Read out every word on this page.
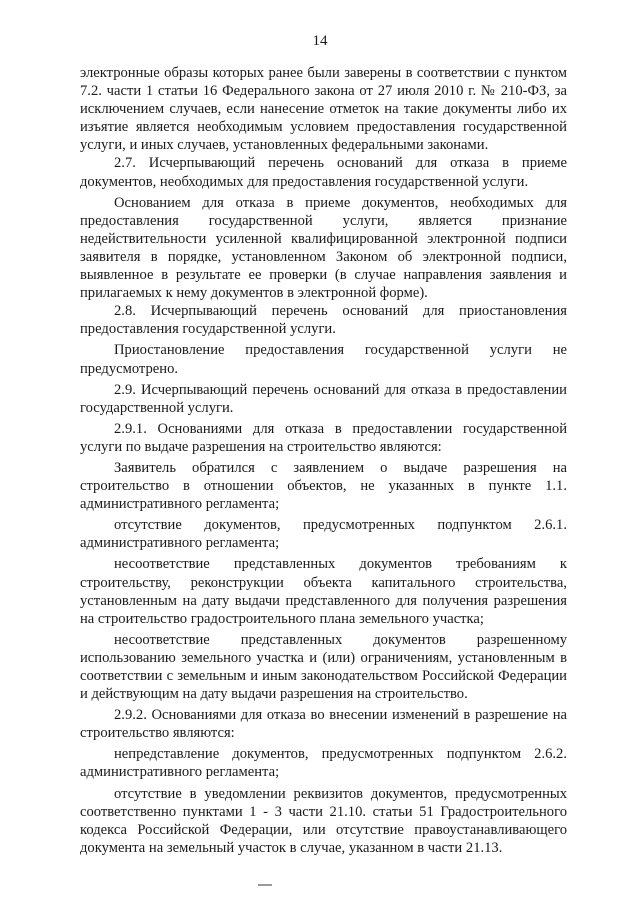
14

электронные образы которых ранее были заверены в соответствии с пунктом 7.2. части 1 статьи 16 Федерального закона от 27 июля 2010 г. № 210-ФЗ, за исключением случаев, если нанесение отметок на такие документы либо их изъятие является необходимым условием предоставления государственной услуги, и иных случаев, установленных федеральными законами.

2.7. Исчерпывающий перечень оснований для отказа в приеме документов, необходимых для предоставления государственной услуги.

Основанием для отказа в приеме документов, необходимых для предоставления государственной услуги, является признание недействительности усиленной квалифицированной электронной подписи заявителя в порядке, установленном Законом об электронной подписи, выявленное в результате ее проверки (в случае направления заявления и прилагаемых к нему документов в электронной форме).

2.8. Исчерпывающий перечень оснований для приостановления предоставления государственной услуги.

Приостановление предоставления государственной услуги не предусмотрено.

2.9. Исчерпывающий перечень оснований для отказа в предоставлении государственной услуги.

2.9.1. Основаниями для отказа в предоставлении государственной услуги по выдаче разрешения на строительство являются:

Заявитель обратился с заявлением о выдаче разрешения на строительство в отношении объектов, не указанных в пункте 1.1. административного регламента;

отсутствие документов, предусмотренных подпунктом 2.6.1. административного регламента;

несоответствие представленных документов требованиям к строительству, реконструкции объекта капитального строительства, установленным на дату выдачи представленного для получения разрешения на строительство градостроительного плана земельного участка;

несоответствие представленных документов разрешенному использованию земельного участка и (или) ограничениям, установленным в соответствии с земельным и иным законодательством Российской Федерации и действующим на дату выдачи разрешения на строительство.

2.9.2. Основаниями для отказа во внесении изменений в разрешение на строительство являются:

непредставление документов, предусмотренных подпунктом 2.6.2. административного регламента;

отсутствие в уведомлении реквизитов документов, предусмотренных соответственно пунктами 1 - 3 части 21.10. статьи 51 Градостроительного кодекса Российской Федерации, или отсутствие правоустанавливающего документа на земельный участок в случае, указанном в части 21.13.
